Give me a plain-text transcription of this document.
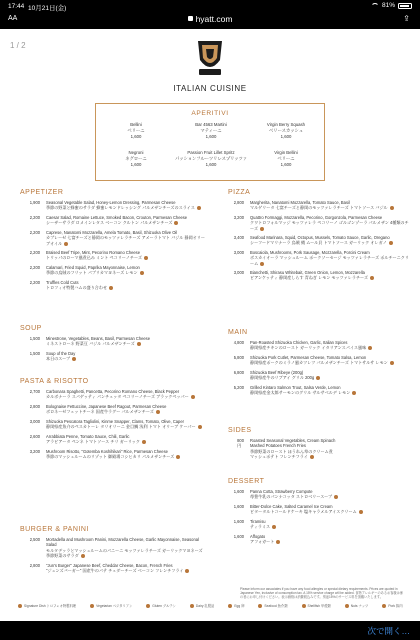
17:44 10月21日(金)	81%
AA	hyatt.com	⇪
1 / 2
ITALIAN CUISINE
APERITIVI
Bellini
ベリーニ
1,600
Bar 4563 Martini
マティーニ
1,600
Virgin Berry Squash
ベリースカッシュ
1,600
Negroni
ネグローニ
1,600
Passion Fruit Lillet Spritz
パッションフルーツリレスプリッツァ
1,600
Virgin Bellini
ベリーニ
1,600
APPETIZER
SOUP
PASTA & RISOTTO
BURGER & PANINI
PIZZA
MAIN
SIDES
DESSERT
Please inform our associates if you have any food allergies or special dietary requirements. Prices are quoted in Japanese Yen, inclusive of consumption tax. A 15% service charge will be added. 食物アレルギーのあるお客様は係の者にお申し付けください。表示価格は消費税込みです。別途15%のサービス料を頂戴いたします。
Signature Dish トロフェオ特製料理	Vegetarian ベジタリアン	Gluten グルテン	Dairy 乳製品	Egg 卵	Seafood 魚介類	Shellfish 甲殻類	Nuts ナッツ	Pork 豚肉
1,900 Seasonal Vegetable Salad, Honey-Lemon Dressing, Parmesan Cheese
季節の野菜と蜂蜜のサラダ 蜂蜜レモンドレッシング パルメザンチーズのスライス
2,200 Caesar Salad, Romaine Lettuce, Smoked Bacon, Crouton, Parmesan Cheese
シーザーサラダ ロメインレタス ベーコン クルトン パルメザンチーズ
2,200 Caprese, Nanatomi Mozzarella, Amela Tomato, Basil, Shizuoka Olive Oil
カプレーゼ 七富チーズと静岡のモッツァレラチーズ アメーラトマト バジル 静岡オリーブオイル
2,200 Braised Beef Tripe, Mint, Pecorino Romano Cheese
トリッパのローマ風煮込み ミント ペコリーノチーズ
2,200 Calamari, Fried Squid, Paprika Mayonnaise, Lemon
季節の烏賊のフリット パプリカマヨネーズ レモン
2,200 Truffles Cold Cuts
トロフィオ特製ハムの盛り合わせ
1,500 Minestrone, Vegetables, Beans, Basil, Parmesan Cheese
ミネストローネ 野菜豆 バジル パルメザンチーズ
1,500 Soup of the Day
本日のスープ
2,700 Carbonara Spaghetti, Pancetta, Pecorino Romano Cheese, Black Pepper
カルボナーラ スパゲッティ パンチェッタ ペコリーノチーズ ブラックペッパー
2,800 Bolognaise Fettuccine, Japanese Beef Ragout, Parmesan Cheese
ボロネーゼフェットチーネ 国産牛ラグー パルメザンチーズ
3,000 Shizuoka Pescatora Tagliolini, Kinme Snapper, Clams, Tomato, Olive, Caper
静岡県産魚介のペスカトーレ タリオリーニ 金目鯛 浅利 トマト オリーブ ケーパー
2,600 Arrabbiata Penne, Tomato Sauce, Chili, Garlic
アラビアータ ペンネ トマトソース チリ ガーリック
3,200 Mushroom Risotto, "Gotemba Koshihikari" Rice, Parmesan Cheese
季節のマッシュルームのリゾット 御殿場コシヒカリ パルメザンチーズ
2,500 Mortadella and Mushroom Panini, Mozzarella Cheese, Garlic Mayonnaise, Seasonal Salad
モルタデッラとマッシュルームのパニーニ モッツァレラチーズ ガーリックマヨネーズ 季節野菜のサラダ
2,800 "Jun's Burger" Japanese Beef, Cheddar Cheese, Bacon, French Fries
"ジュンズバーガー" 国産牛のパテ チェダーチーズ ベーコン フレンチフライ
2,800 Margherita, Nanatomi Mozzarella, Tomato Sauce, Basil
マルゲリータ 七富チーズと静岡のモッツァレラチーズ トマトソース バジル
3,200 Quattro Formaggi, Mozzarella, Pecorino, Gorgonzola, Parmesan Cheese
クワトロフォルマッジ モッツァレラ ペコリーノ ゴルゴンゾーラ パルメザン 4種類のチーズ
3,400 Seafood Marinara, Squid, Octopus, Mussels, Tomato Sauce, Garlic, Oregano
シーフードマリナーラ 烏賊 蛸 ムール貝 トマトソース ガーリック オレガノ
3,000 Boscaiola, Mushrooms, Pork Sausage, Mozzarella, Porcini Cream
ボスカイオーラ マッシュルーム ポークソーセージ モッツァレラチーズ ポルチーニクリーム
3,000 Bianchetti, Shirasu Whitebait, Green Onion, Lemon, Mozzarella
ビアンケッティ 静岡産しらす 青ねぎ レモン モッツァレラチーズ
4,800 Pan-Roasted Shizuoka Chicken, Garlic, Italian Spices
静岡県産チキンのロースト ガーリック イタリアンスパイス風味
5,800 Shizuoka Pork Cutlet, Parmesan Cheese, Tomato Salsa, Lemon
静岡県産ポークのミラノ風カツレツ パルメザンチーズ トマトサルサ レモン
6,800 Shizuoka Beef Ribeye (200g)
静岡県産牛のリブアイ グリル 200g
5,200 Grilled Kintaro Salmon Trout, Salsa Verde, Lemon
静岡県産金太郎サーモンのグリル サルサベルデ レモン
800
円
Roasted Seasonal Vegetables, Cream Spinach
Mashed Potatoes French Fries
季節野菜のロースト ほうれん草のクリーム煮
マッシュポテト フレンチフライ
1,600 Panna Cotta, Strawberry Compote
苺豊牛乳のパンナコッタ ストロベリースープ
1,600 Bitter-Dolce Cake, Salted Caramel Ice Cream
ビタータルトコールドケーキ 塩キャラメルアイスクリーム
1,600 Tiramisu
ティラミス
1,600 Affogato
アフォガート
次で開く…
